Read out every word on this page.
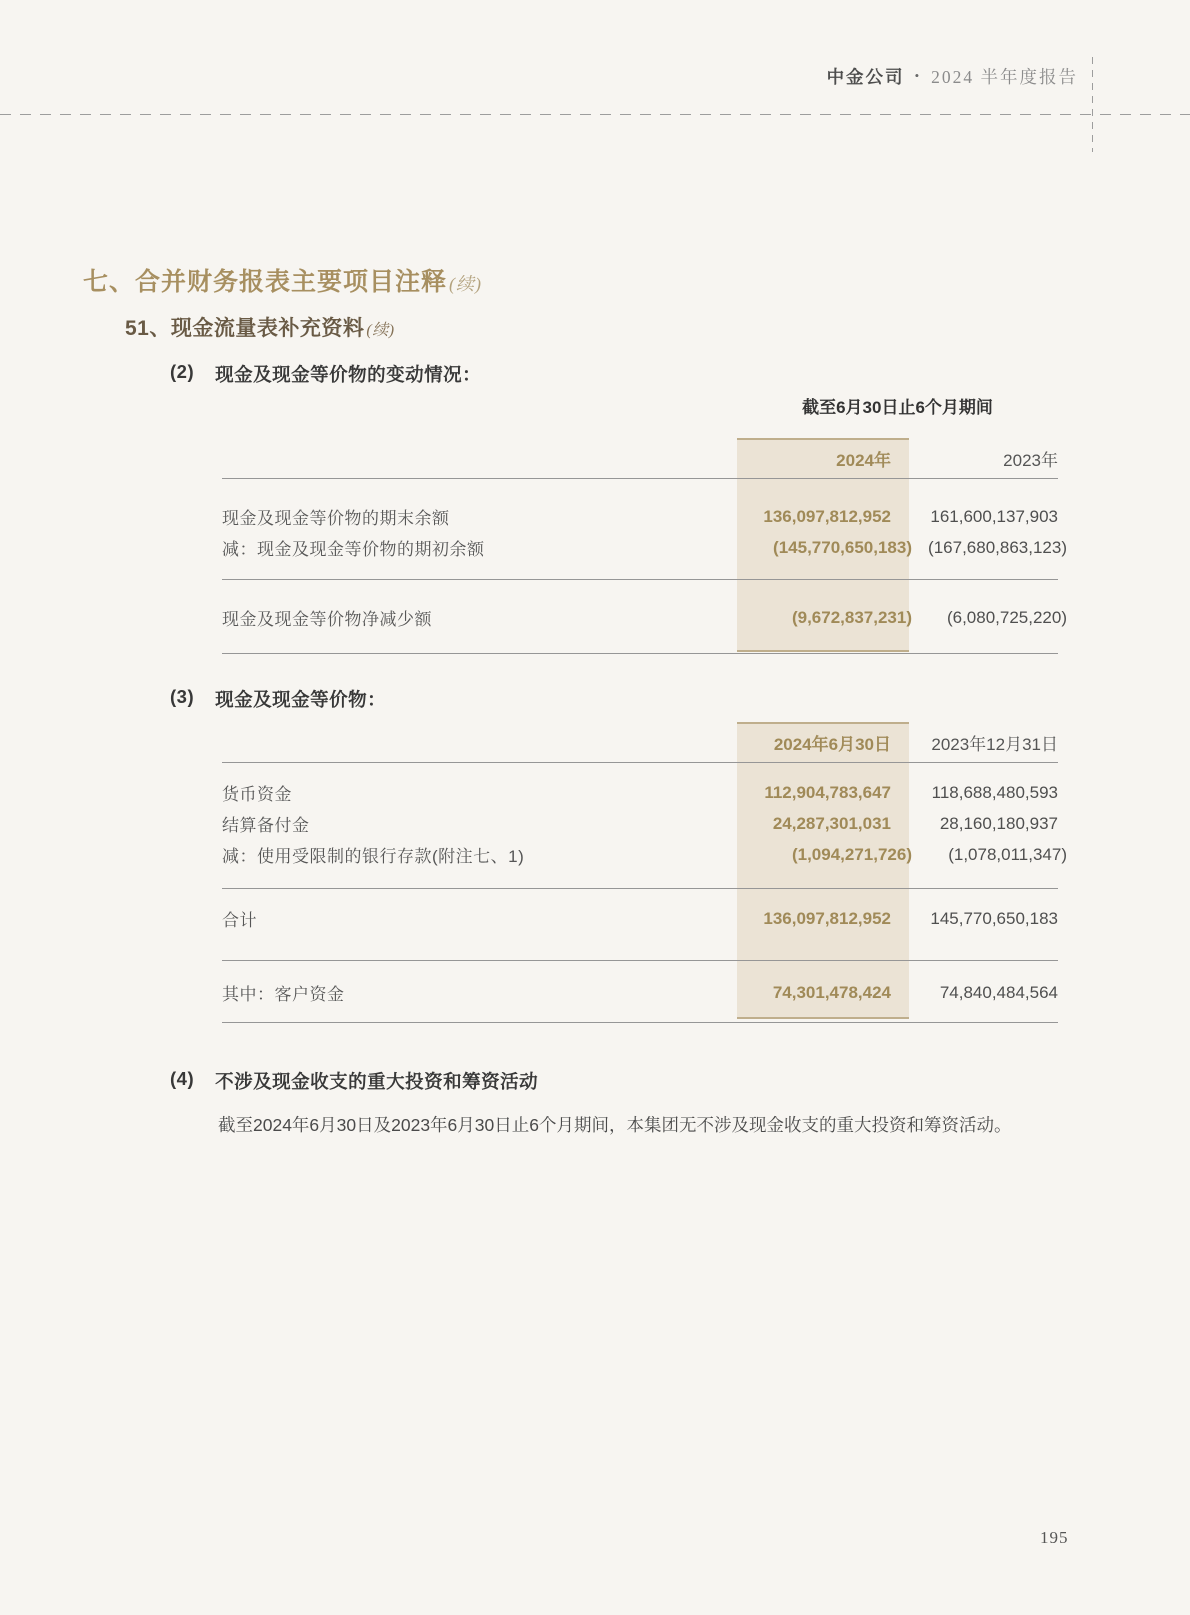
中金公司 • 2024 半年度报告
七、合并财务报表主要项目注释 (续)
51、现金流量表补充资料 (续)
(2) 现金及现金等价物的变动情况：
截至6月30日止6个月期间
2024年	2023年
现金及现金等价物的期末余额	136,097,812,952	161,600,137,903
减：现金及现金等价物的期初余额	(145,770,650,183) (167,680,863,123)
现金及现金等价物净减少额	(9,672,837,231)	(6,080,725,220)
(3) 现金及现金等价物：
2024年6月30日	2023年12月31日
货币资金	112,904,783,647	118,688,480,593
结算备付金	24,287,301,031	28,160,180,937
减：使用受限制的银行存款(附注七、1)	(1,094,271,726)	(1,078,011,347)
合计	136,097,812,952	145,770,650,183
其中：客户资金	74,301,478,424	74,840,484,564
(4) 不涉及现金收支的重大投资和筹资活动
截至2024年6月30日及2023年6月30日止6个月期间，本集团无不涉及现金收支的重大投资和筹资活动。
195
